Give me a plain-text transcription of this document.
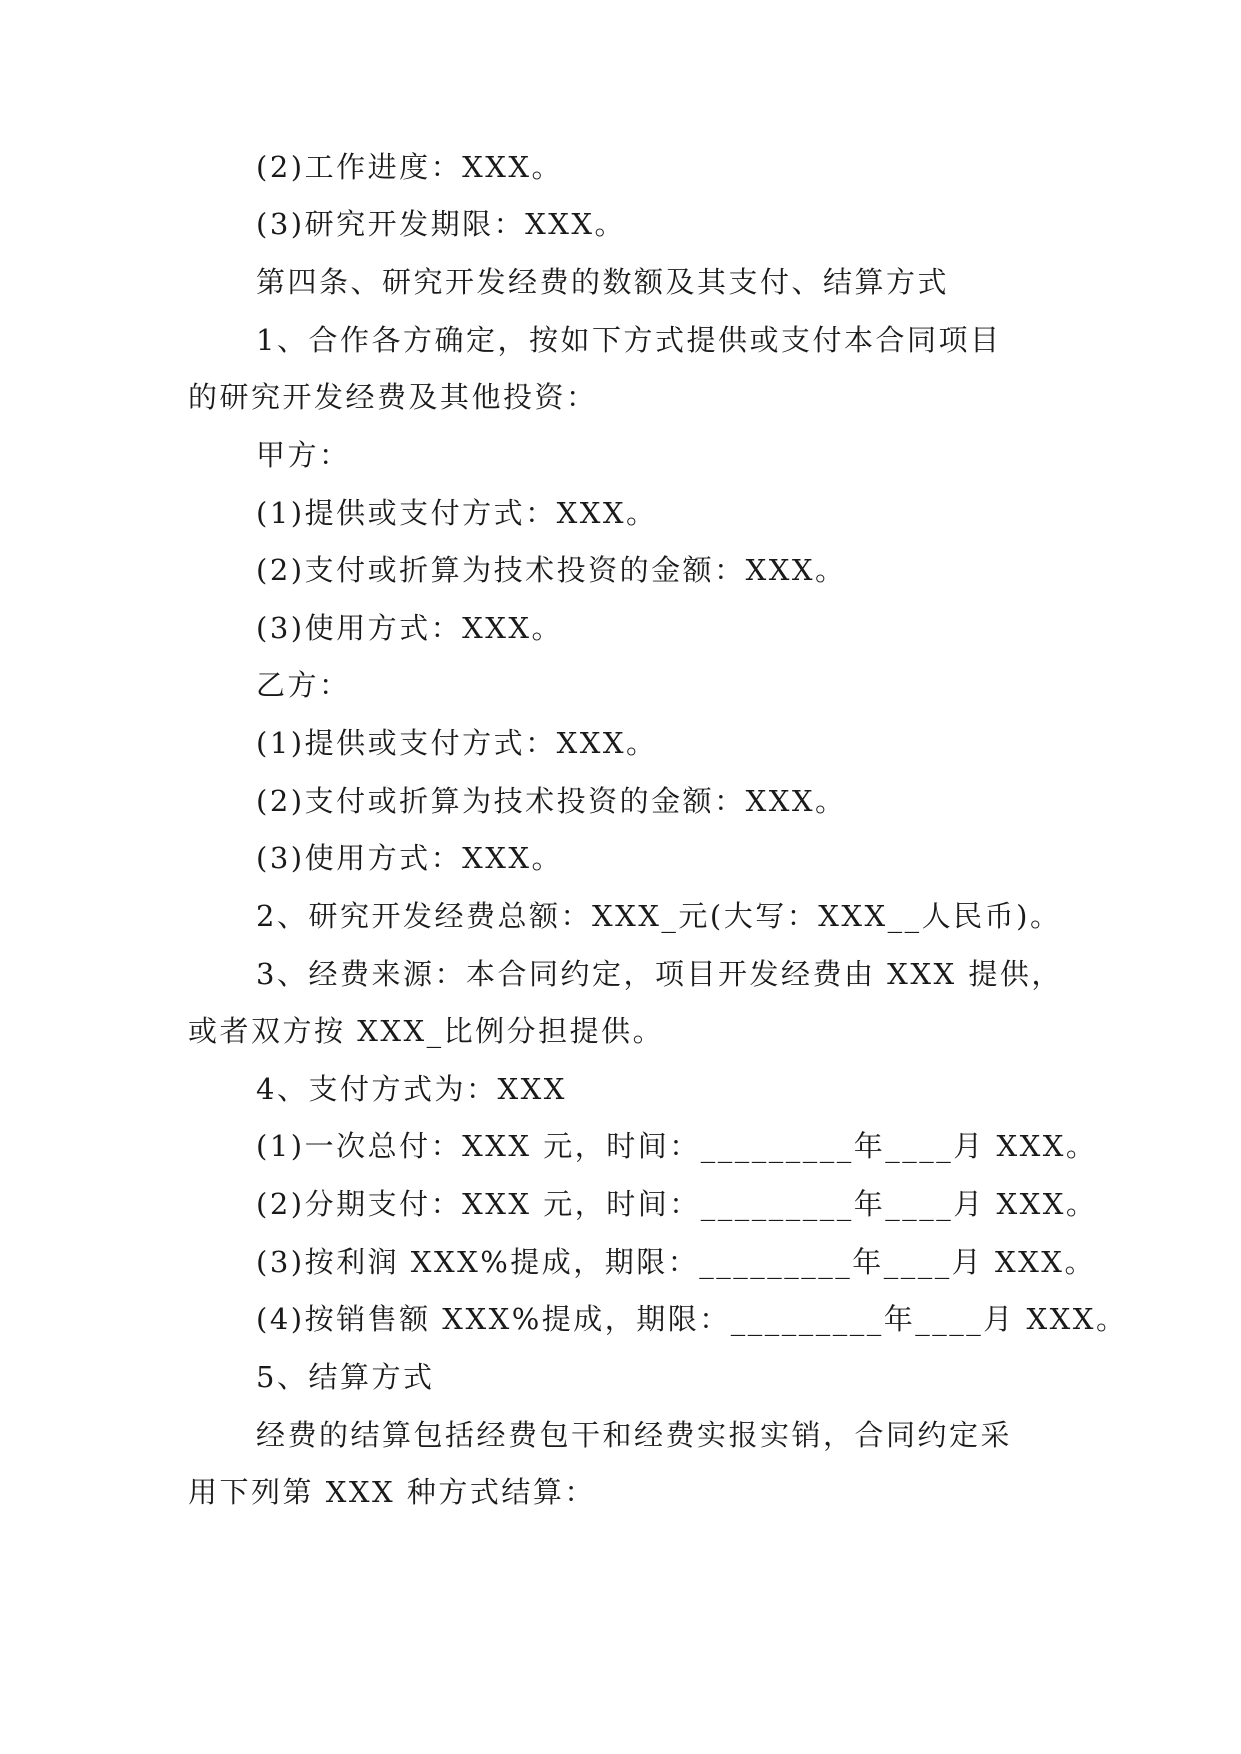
(2)工作进度：XXX。
(3)研究开发期限：XXX。
第四条、研究开发经费的数额及其支付、结算方式
1、合作各方确定，按如下方式提供或支付本合同项目
的研究开发经费及其他投资：
甲方：
(1)提供或支付方式：XXX。
(2)支付或折算为技术投资的金额：XXX。
(3)使用方式：XXX。
乙方：
(1)提供或支付方式：XXX。
(2)支付或折算为技术投资的金额：XXX。
(3)使用方式：XXX。
2、研究开发经费总额：XXX_元(大写：XXX__人民币)。
3、经费来源：本合同约定，项目开发经费由 XXX 提供，
或者双方按 XXX_比例分担提供。
4、支付方式为：XXX
(1)一次总付：XXX 元，时间：_________年____月 XXX。
(2)分期支付：XXX 元，时间：_________年____月 XXX。
(3)按利润 XXX%提成，期限：_________年____月 XXX。
(4)按销售额 XXX%提成，期限：_________年____月 XXX。
5、结算方式
经费的结算包括经费包干和经费实报实销，合同约定采
用下列第 XXX 种方式结算：
